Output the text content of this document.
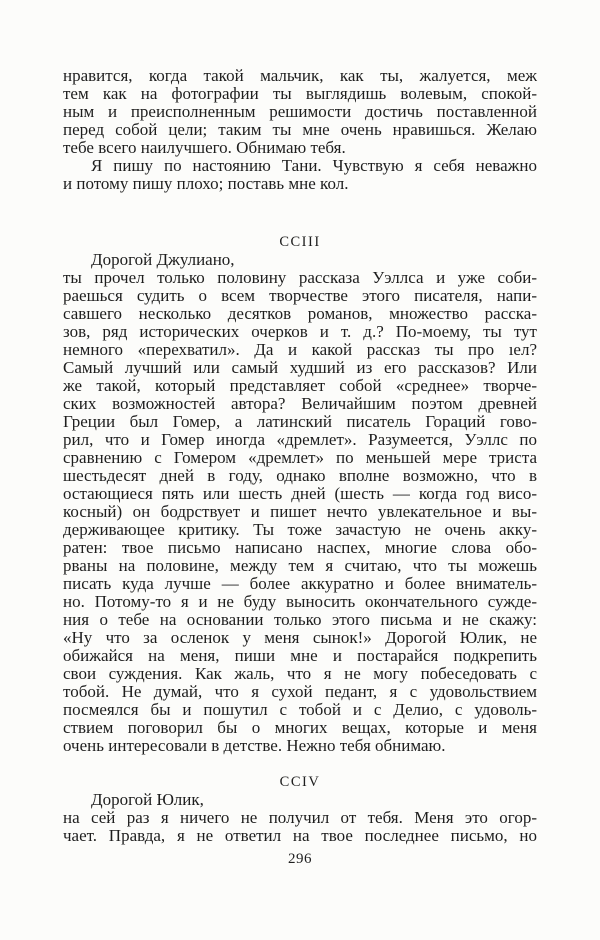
нравится, когда такой мальчик, как ты, жалуется, меж
тем как на фотографии ты выглядишь волевым, спокой-
ным и преисполненным решимости достичь поставленной
перед собой цели; таким ты мне очень нравишься. Желаю
тебе всего наилучшего. Обнимаю тебя.
Я пишу по настоянию Тани. Чувствую я себя неважно
и потому пишу плохо; поставь мне кол.
CCIII
Дорогой Джулиано,
ты прочел только половину рассказа Уэллса и уже соби-
раешься судить о всем творчестве этого писателя, напи-
савшего несколько десятков романов, множество расска-
зов, ряд исторических очерков и т. д.? По-моему, ты тут
немного «перехватил». Да и какой рассказ ты про ıел?
Самый лучший или самый худший из его рассказов? Или
же такой, который представляет собой «среднее» творче-
ских возможностей автора? Величайшим поэтом древней
Греции был Гомер, а латинский писатель Гораций гово-
рил, что и Гомер иногда «дремлет». Разумеется, Уэллс по
сравнению с Гомером «дремлет» по меньшей мере триста
шестьдесят дней в году, однако вполне возможно, что в
остающиеся пять или шесть дней (шесть — когда год висо-
косный) он бодрствует и пишет нечто увлекательное и вы-
держивающее критику. Ты тоже зачастую не очень акку-
ратен: твое письмо написано наспех, многие слова обо-
рваны на половине, между тем я считаю, что ты можешь
писать куда лучше — более аккуратно и более вниматель-
но. Потому-то я и не буду выносить окончательного сужде-
ния о тебе на основании только этого письма и не скажу:
«Ну что за осленок у меня сынок!» Дорогой Юлик, не
обижайся на меня, пиши мне и постарайся подкрепить
свои суждения. Как жаль, что я не могу побеседовать с
тобой. Не думай, что я сухой педант, я с удовольствием
посмеялся бы и пошутил с тобой и с Делио, с удоволь-
ствием поговорил бы о многих вещах, которые и меня
очень интересовали в детстве. Нежно тебя обнимаю.
CCIV
Дорогой Юлик,
на сей раз я ничего не получил от тебя. Меня это огор-
чает. Правда, я не ответил на твое последнее письмо, но
296
